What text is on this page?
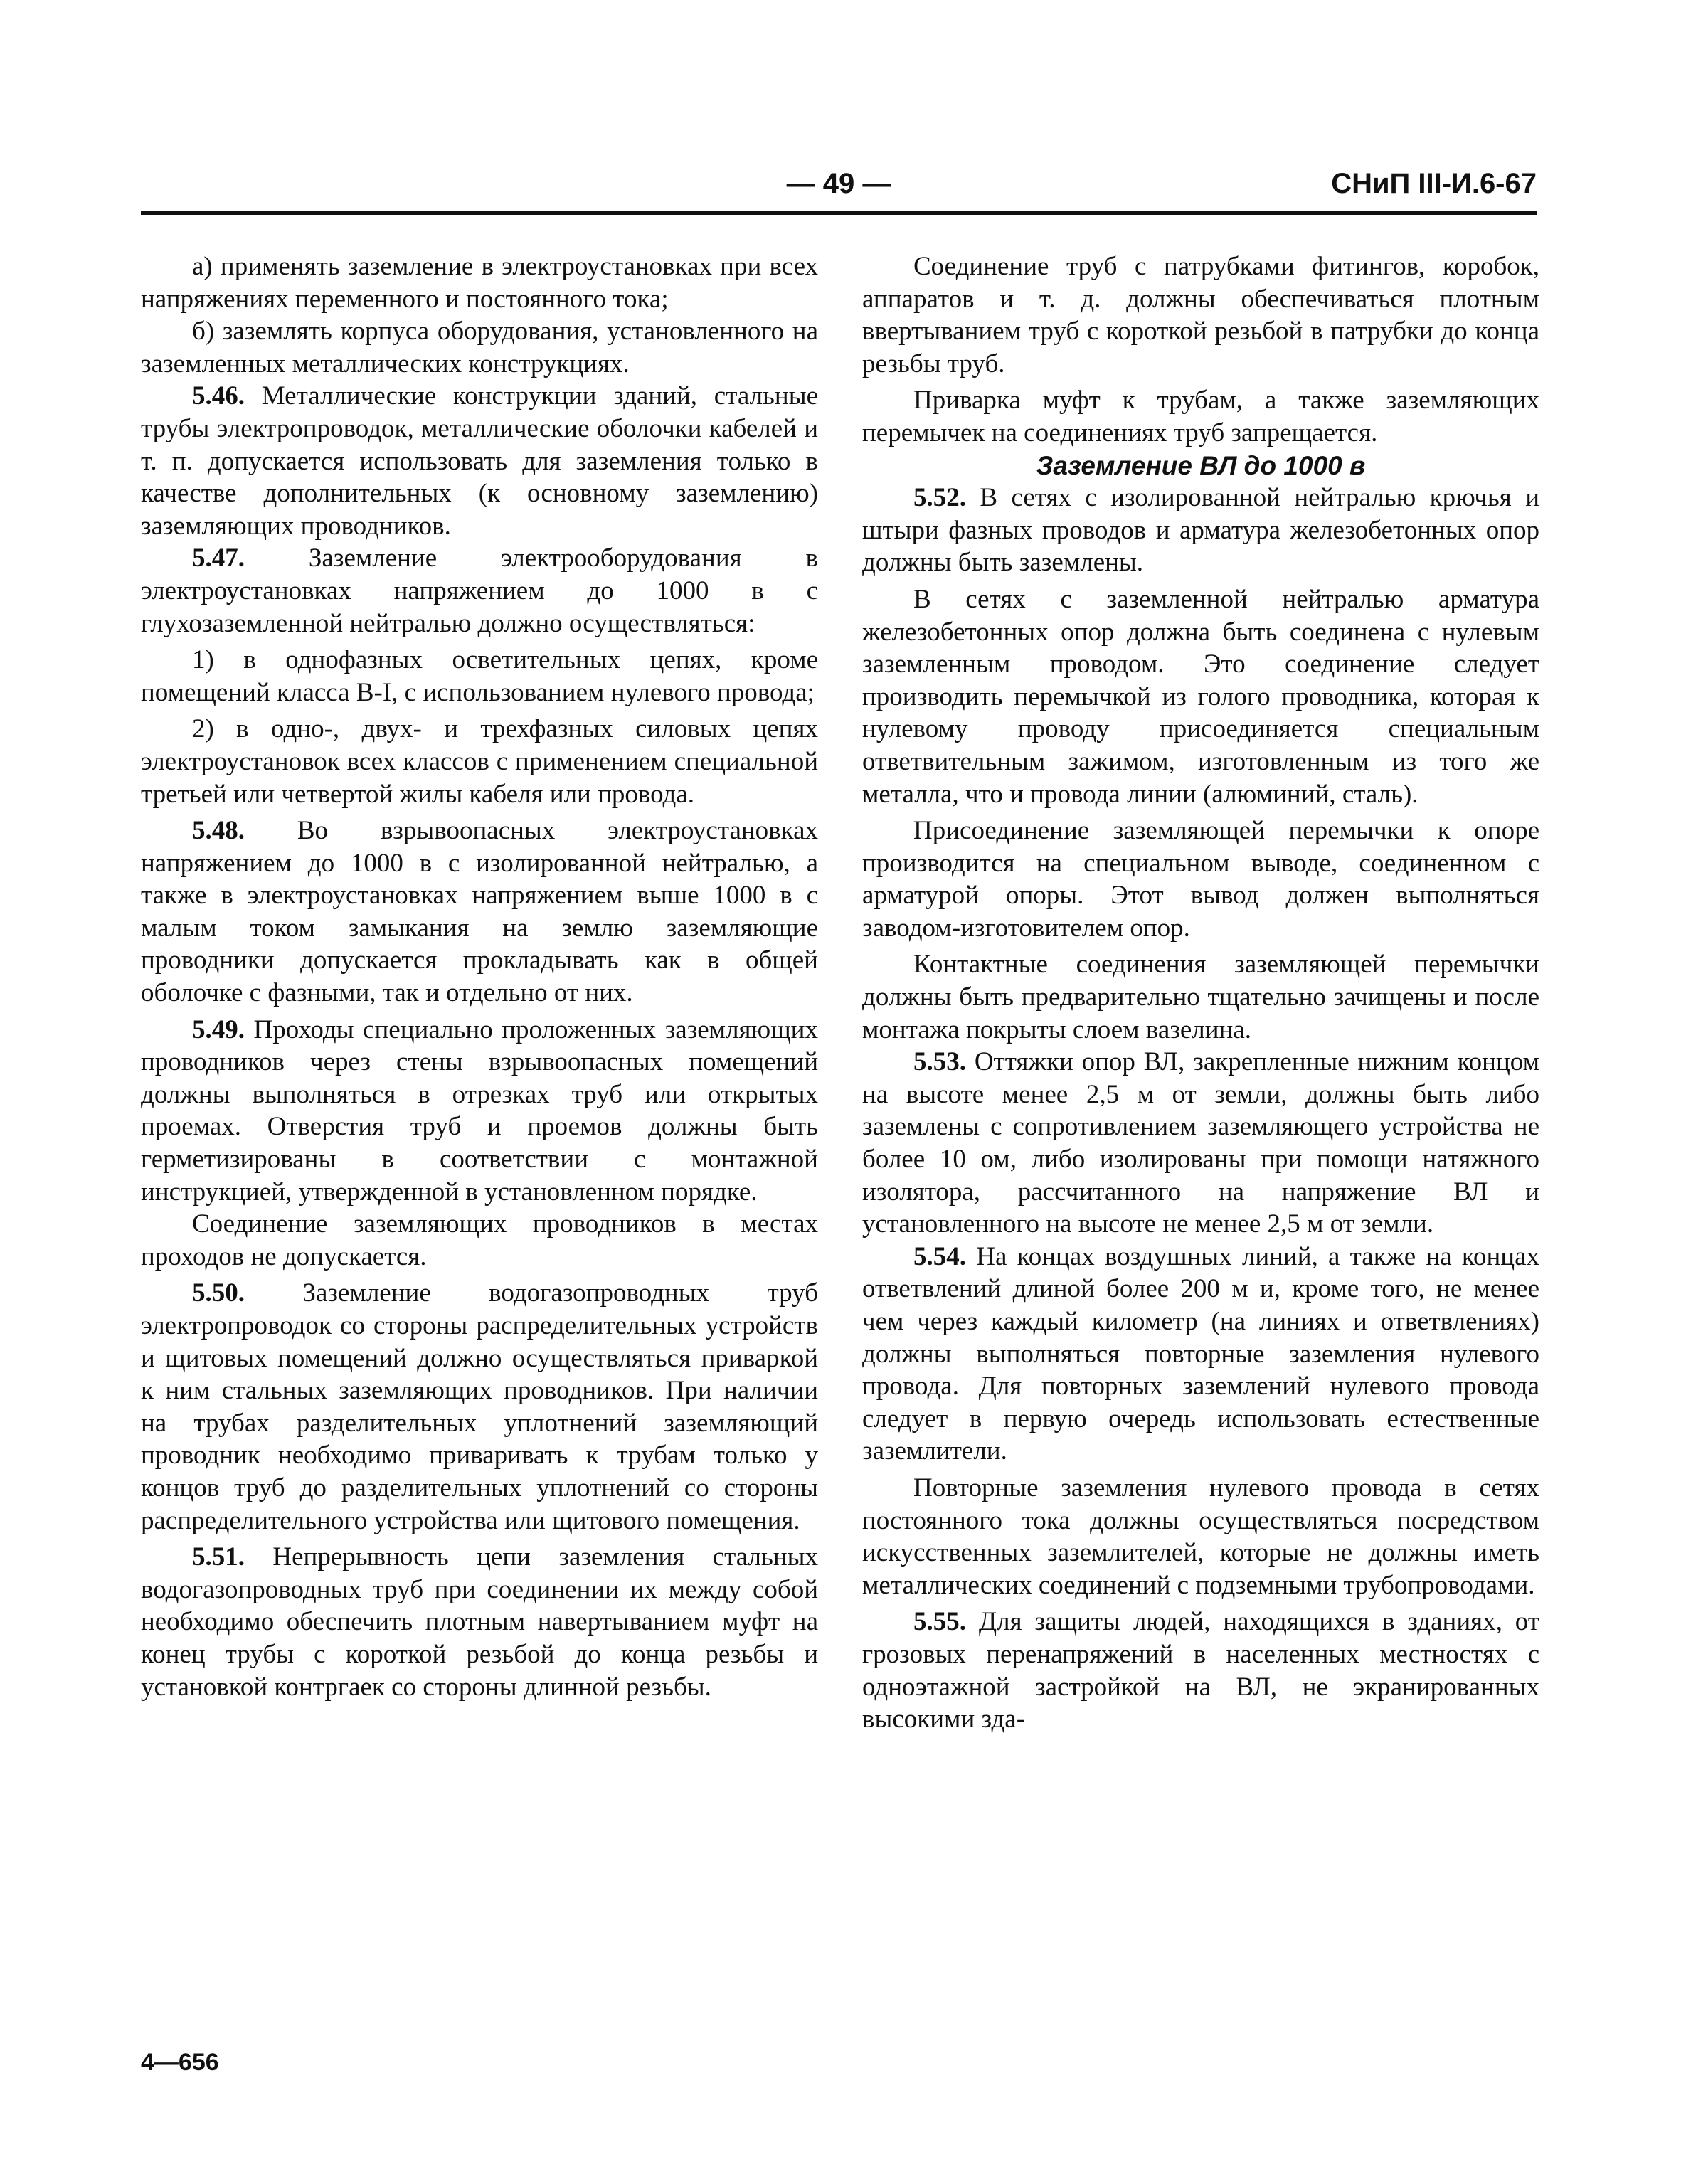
— 49 —	СНиП III-И.6-67

а) применять заземление в электроустановках при всех напряжениях переменного и постоянного тока;

б) заземлять корпуса оборудования, установленного на заземленных металлических конструкциях.

5.46. Металлические конструкции зданий, стальные трубы электропроводок, металлические оболочки кабелей и т. п. допускается использовать для заземления только в качестве дополнительных (к основному заземлению) заземляющих проводников.

5.47. Заземление электрооборудования в электроустановках напряжением до 1000 в с глухозаземленной нейтралью должно осуществляться:

1) в однофазных осветительных цепях, кроме помещений класса В-I, с использованием нулевого провода;

2) в одно-, двух- и трехфазных силовых цепях электроустановок всех классов с применением специальной третьей или четвертой жилы кабеля или провода.

5.48. Во взрывоопасных электроустановках напряжением до 1000 в с изолированной нейтралью, а также в электроустановках напряжением выше 1000 в с малым током замыкания на землю заземляющие проводники допускается прокладывать как в общей оболочке с фазными, так и отдельно от них.

5.49. Проходы специально проложенных заземляющих проводников через стены взрывоопасных помещений должны выполняться в отрезках труб или открытых проемах. Отверстия труб и проемов должны быть герметизированы в соответствии с монтажной инструкцией, утвержденной в установленном порядке.

Соединение заземляющих проводников в местах проходов не допускается.

5.50. Заземление водогазопроводных труб электропроводок со стороны распределительных устройств и щитовых помещений должно осуществляться приваркой к ним стальных заземляющих проводников. При наличии на трубах разделительных уплотнений заземляющий проводник необходимо приваривать к трубам только у концов труб до разделительных уплотнений со стороны распределительного устройства или щитового помещения.

5.51. Непрерывность цепи заземления стальных водогазопроводных труб при соединении их между собой необходимо обеспечить плотным навертыванием муфт на конец трубы с короткой резьбой до конца резьбы и установкой контргаек со стороны длинной резьбы.

Соединение труб с патрубками фитингов, коробок, аппаратов и т. д. должны обеспечиваться плотным ввертыванием труб с короткой резьбой в патрубки до конца резьбы труб.

Приварка муфт к трубам, а также заземляющих перемычек на соединениях труб запрещается.

Заземление ВЛ до 1000 в

5.52. В сетях с изолированной нейтралью крючья и штыри фазных проводов и арматура железобетонных опор должны быть заземлены.

В сетях с заземленной нейтралью арматура железобетонных опор должна быть соединена с нулевым заземленным проводом. Это соединение следует производить перемычкой из голого проводника, которая к нулевому проводу присоединяется специальным ответвительным зажимом, изготовленным из того же металла, что и провода линии (алюминий, сталь).

Присоединение заземляющей перемычки к опоре производится на специальном выводе, соединенном с арматурой опоры. Этот вывод должен выполняться заводом-изготовителем опор.

Контактные соединения заземляющей перемычки должны быть предварительно тщательно зачищены и после монтажа покрыты слоем вазелина.

5.53. Оттяжки опор ВЛ, закрепленные нижним концом на высоте менее 2,5 м от земли, должны быть либо заземлены с сопротивлением заземляющего устройства не более 10 ом, либо изолированы при помощи натяжного изолятора, рассчитанного на напряжение ВЛ и установленного на высоте не менее 2,5 м от земли.

5.54. На концах воздушных линий, а также на концах ответвлений длиной более 200 м и, кроме того, не менее чем через каждый километр (на линиях и ответвлениях) должны выполняться повторные заземления нулевого провода. Для повторных заземлений нулевого провода следует в первую очередь использовать естественные заземлители.

Повторные заземления нулевого провода в сетях постоянного тока должны осуществляться посредством искусственных заземлителей, которые не должны иметь металлических соединений с подземными трубопроводами.

5.55. Для защиты людей, находящихся в зданиях, от грозовых перенапряжений в населенных местностях с одноэтажной застройкой на ВЛ, не экранированных высокими зда-

4—656
